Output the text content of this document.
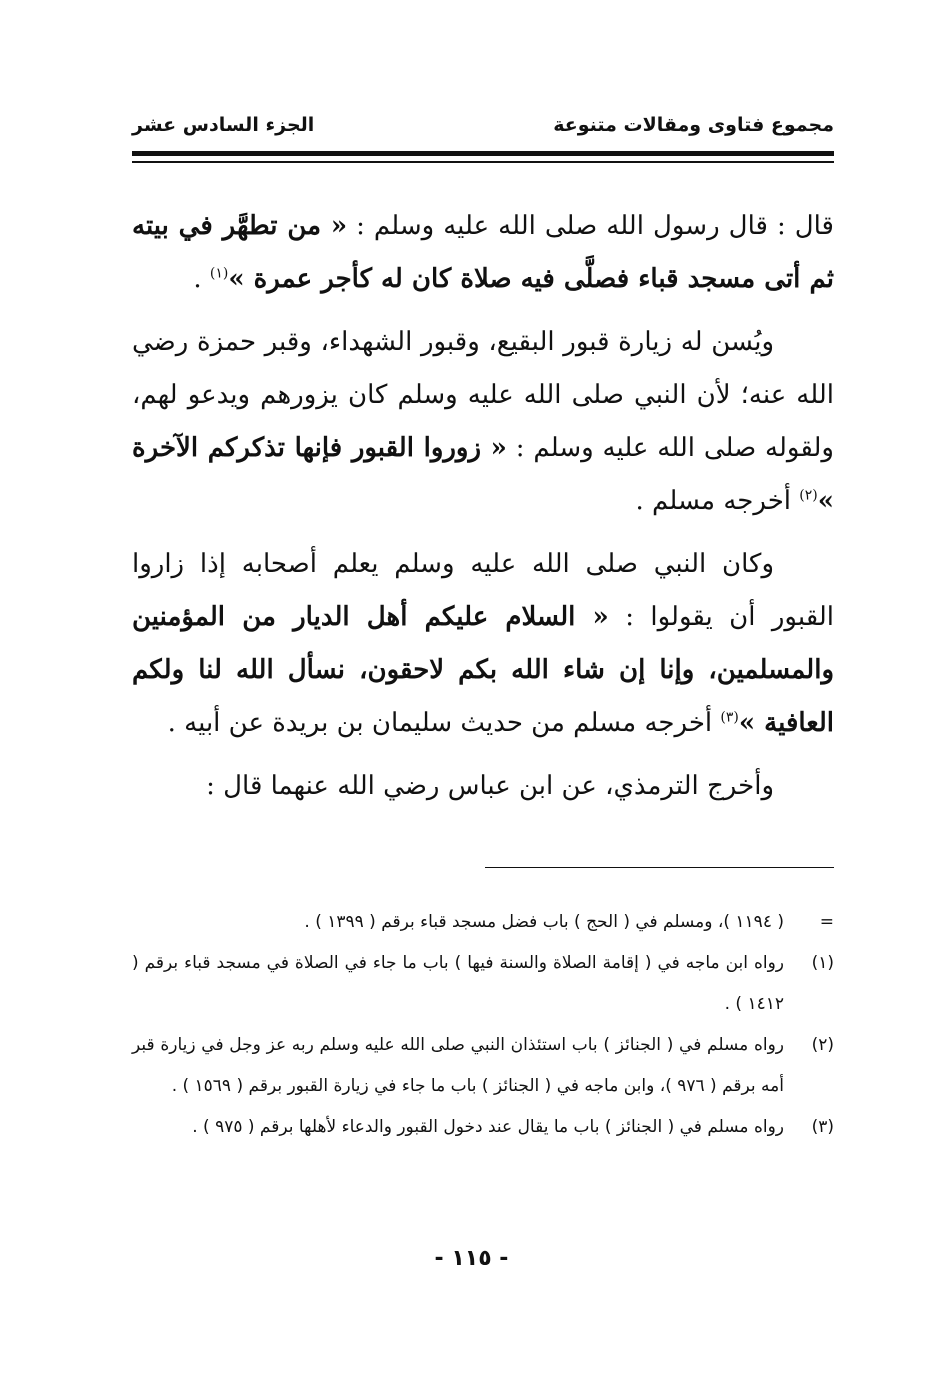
مجموع فتاوى ومقالات متنوعة
الجزء السادس عشر

قال : قال رسول الله صلى الله عليه وسلم : « من تطهَّر في بيته ثم أتى مسجد قباء فصلَّى فيه صلاة كان له كأجر عمرة »$^{(١)}$ .

ويُسن له زيارة قبور البقيع، وقبور الشهداء، وقبر حمزة رضي الله عنه؛ لأن النبي صلى الله عليه وسلم كان يزورهم ويدعو لهم، ولقوله صلى الله عليه وسلم : « زوروا القبور فإنها تذكركم الآخرة »$^{(٢)}$ أخرجه مسلم .

وكان النبي صلى الله عليه وسلم يعلم أصحابه إذا زاروا القبور أن يقولوا : « السلام عليكم أهل الديار من المؤمنين والمسلمين، وإنا إن شاء الله بكم لاحقون، نسأل الله لنا ولكم العافية »$^{(٣)}$ أخرجه مسلم من حديث سليمان بن بريدة عن أبيه .

وأخرج الترمذي، عن ابن عباس رضي الله عنهما قال :

=
( ١١٩٤ )، ومسلم في ( الحج ) باب فضل مسجد قباء برقم ( ١٣٩٩ ) .
(١)
رواه ابن ماجه في ( إقامة الصلاة والسنة فيها ) باب ما جاء في الصلاة في مسجد قباء برقم ( ١٤١٢ ) .
(٢)
رواه مسلم في ( الجنائز ) باب استئذان النبي صلى الله عليه وسلم ربه عز وجل في زيارة قبر أمه برقم ( ٩٧٦ )، وابن ماجه في ( الجنائز ) باب ما جاء في زيارة القبور برقم ( ١٥٦٩ ) .
(٣)
رواه مسلم في ( الجنائز ) باب ما يقال عند دخول القبور والدعاء لأهلها برقم ( ٩٧٥ ) .
- ١١٥ -
